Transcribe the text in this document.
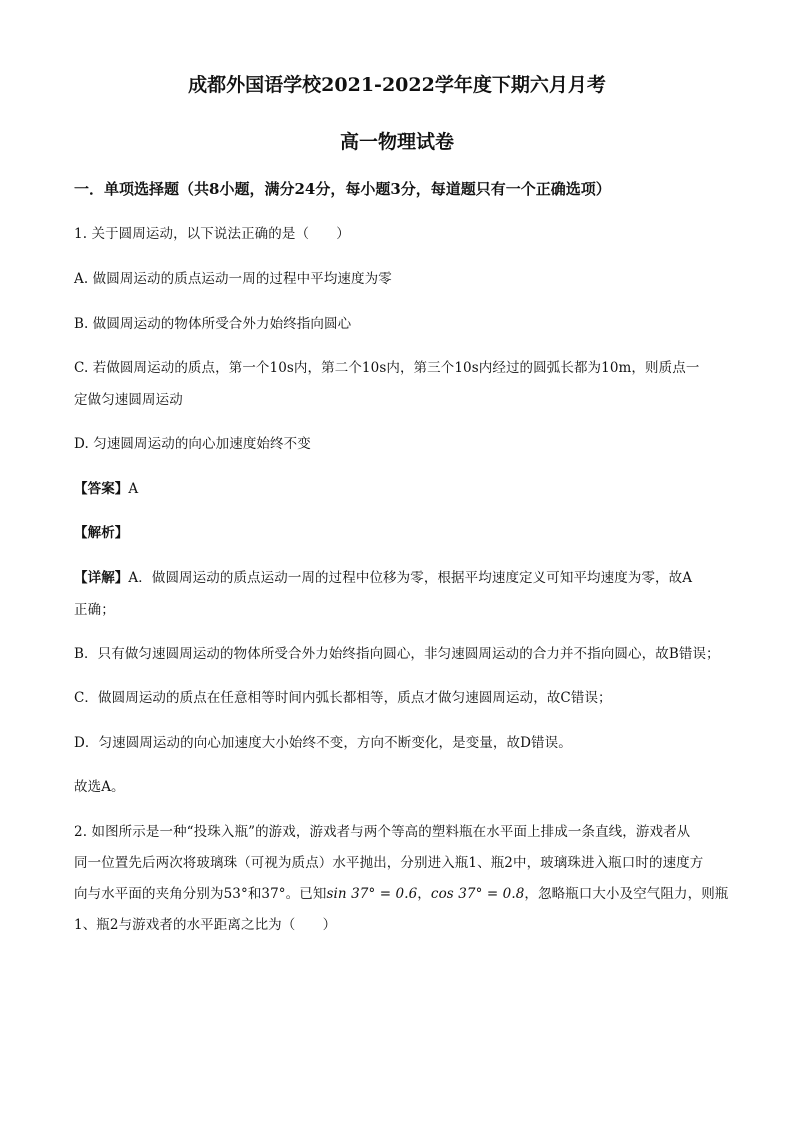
成都外国语学校2021-2022学年度下期六月月考
高一物理试卷
一．单项选择题（共8小题，满分24分，每小题3分，每道题只有一个正确选项）
1. 关于圆周运动，以下说法正确的是（　　）
A. 做圆周运动的质点运动一周的过程中平均速度为零
B. 做圆周运动的物体所受合外力始终指向圆心
C. 若做圆周运动的质点，第一个10s内，第二个10s内，第三个10s内经过的圆弧长都为10m，则质点一
定做匀速圆周运动
D. 匀速圆周运动的向心加速度始终不变
【答案】A
【解析】
【详解】A．做圆周运动的质点运动一周的过程中位移为零，根据平均速度定义可知平均速度为零，故A
正确；
B．只有做匀速圆周运动的物体所受合外力始终指向圆心，非匀速圆周运动的合力并不指向圆心，故B错误；
C．做圆周运动的质点在任意相等时间内弧长都相等，质点才做匀速圆周运动，故C错误；
D．匀速圆周运动的向心加速度大小始终不变，方向不断变化，是变量，故D错误。
故选A。
2. 如图所示是一种“投珠入瓶”的游戏，游戏者与两个等高的塑料瓶在水平面上排成一条直线，游戏者从
同一位置先后两次将玻璃珠（可视为质点）水平抛出，分别进入瓶1、瓶2中，玻璃珠进入瓶口时的速度方
向与水平面的夹角分别为53°和37°。已知sin 37° = 0.6，cos 37° = 0.8，忽略瓶口大小及空气阻力，则瓶
1、瓶2与游戏者的水平距离之比为（　　）
